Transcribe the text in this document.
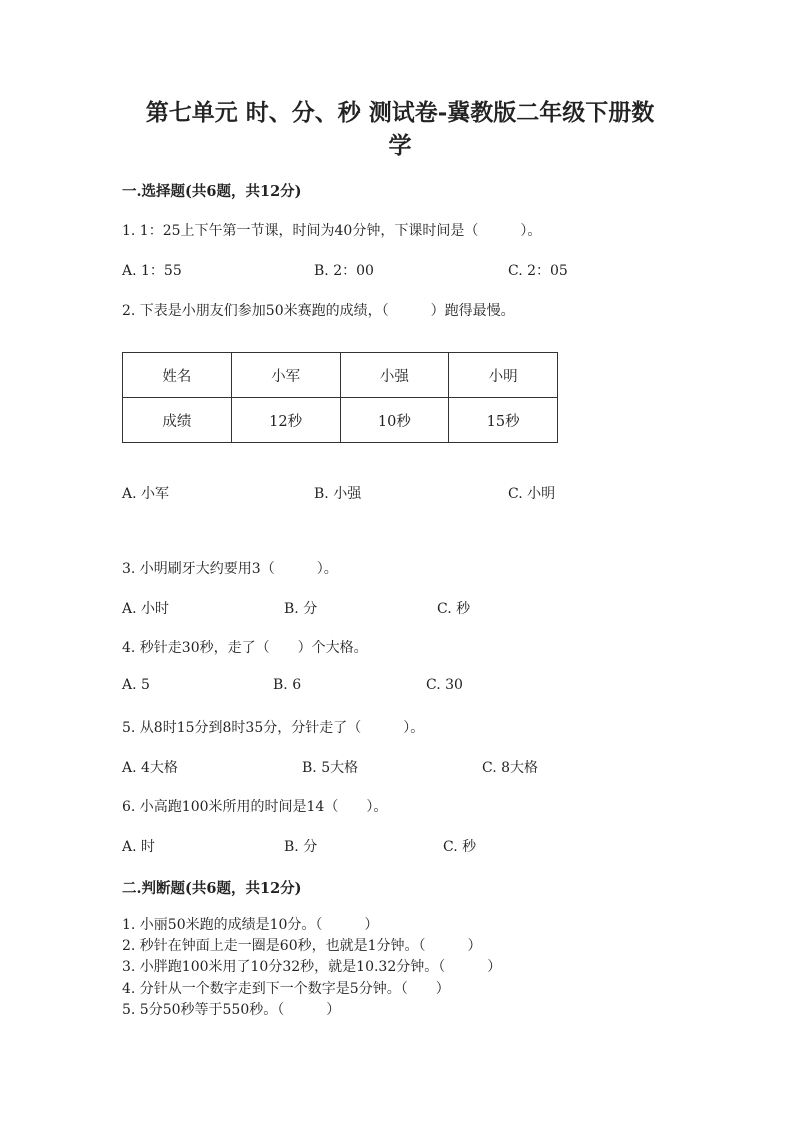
第七单元 时、分、秒 测试卷-冀教版二年级下册数
学
一.选择题(共6题，共12分)
1. 1：25上下午第一节课，时间为40分钟，下课时间是（　　　）。
A. 1：55	B. 2：00	C. 2：05
2. 下表是小朋友们参加50米赛跑的成绩，（　　　）跑得最慢。
姓名	小军	小强	小明
成绩	12秒	10秒	15秒
A. 小军	B. 小强	C. 小明
3. 小明刷牙大约要用3（　　　）。
A. 小时	B. 分	C. 秒
4. 秒针走30秒，走了（　　）个大格。
A. 5	B. 6	C. 30
5. 从8时15分到8时35分，分针走了（　　　）。
A. 4大格	B. 5大格	C. 8大格
6. 小高跑100米所用的时间是14（　　）。
A. 时	B. 分	C. 秒
二.判断题(共6题，共12分)
1. 小丽50米跑的成绩是10分。（　　　）
2. 秒针在钟面上走一圈是60秒，也就是1分钟。（　　　）
3. 小胖跑100米用了10分32秒，就是10.32分钟。（　　　）
4. 分针从一个数字走到下一个数字是5分钟。（　　）
5. 5分50秒等于550秒。（　　　）
